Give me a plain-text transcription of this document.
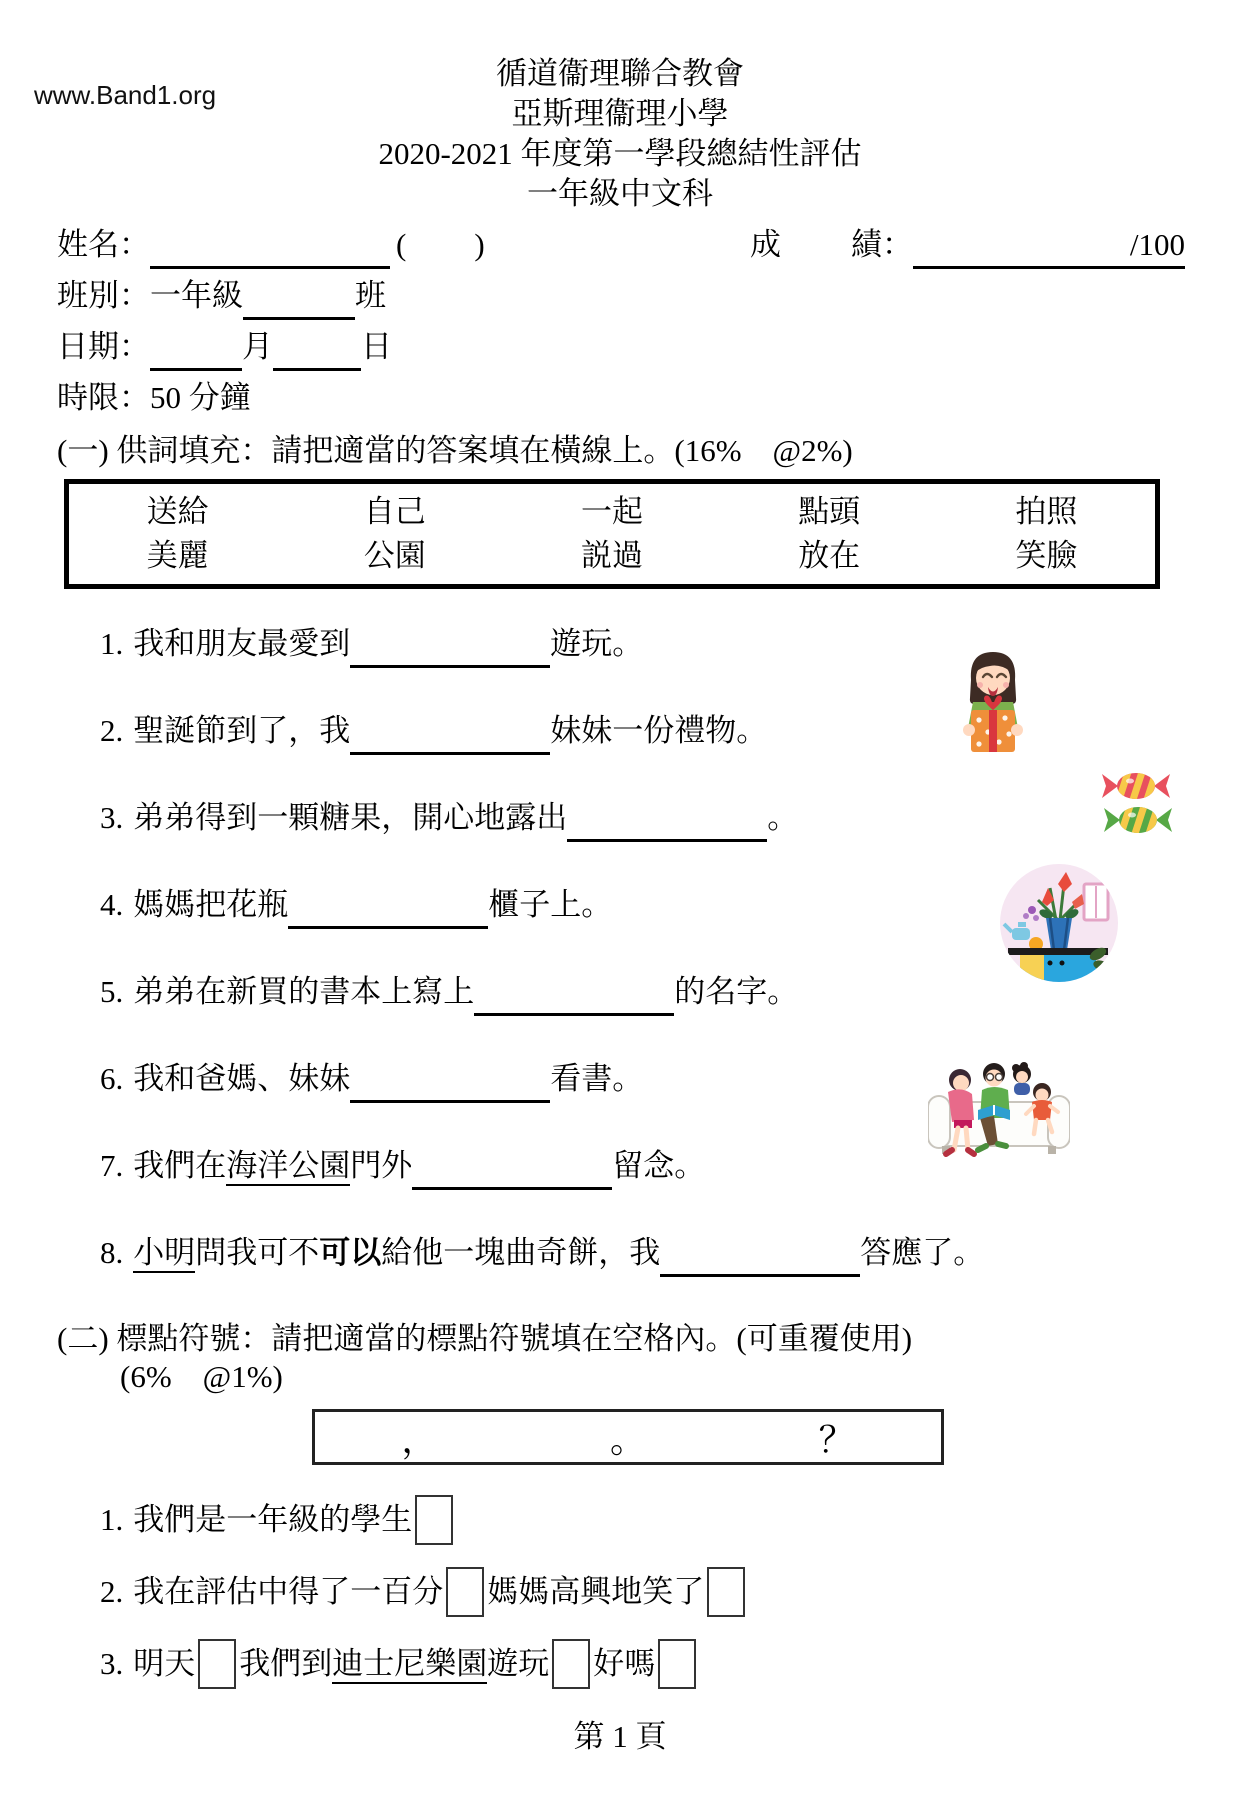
www.Band1.org
循道衞理聯合教會
亞斯理衞理小學
2020-2021 年度第一學段總結性評估
一年級中文科
姓名：
	(　　)	成 績：	/100
班別： 一年級
	班
日期：
	月
	日
時限： 50 分鐘
(一) 供詞填充：請把適當的答案填在橫線上。(16%　@2%)
送給	自己	一起	點頭	拍照
美麗	公園	説過	放在	笑臉
1. 我和朋友最愛到	遊玩。
2. 聖誕節到了，我	妹妹一份禮物。
3. 弟弟得到一顆糖果，開心地露出	。
4. 媽媽把花瓶	櫃子上。
5. 弟弟在新買的書本上寫上	的名字。
6. 我和爸媽、妹妹	看書。
7. 我們在海洋公園門外	留念。
8. 小明問我可不可以給他一塊曲奇餅，我	答應了。
(二) 標點符號：請把適當的標點符號填在空格內。(可重覆使用)
(6%　@1%)
，	。	？
1. 我們是一年級的學生
2. 我在評估中得了一百分 媽媽高興地笑了
3. 明天 我們到迪士尼樂園遊玩 好嗎
第 1 頁
